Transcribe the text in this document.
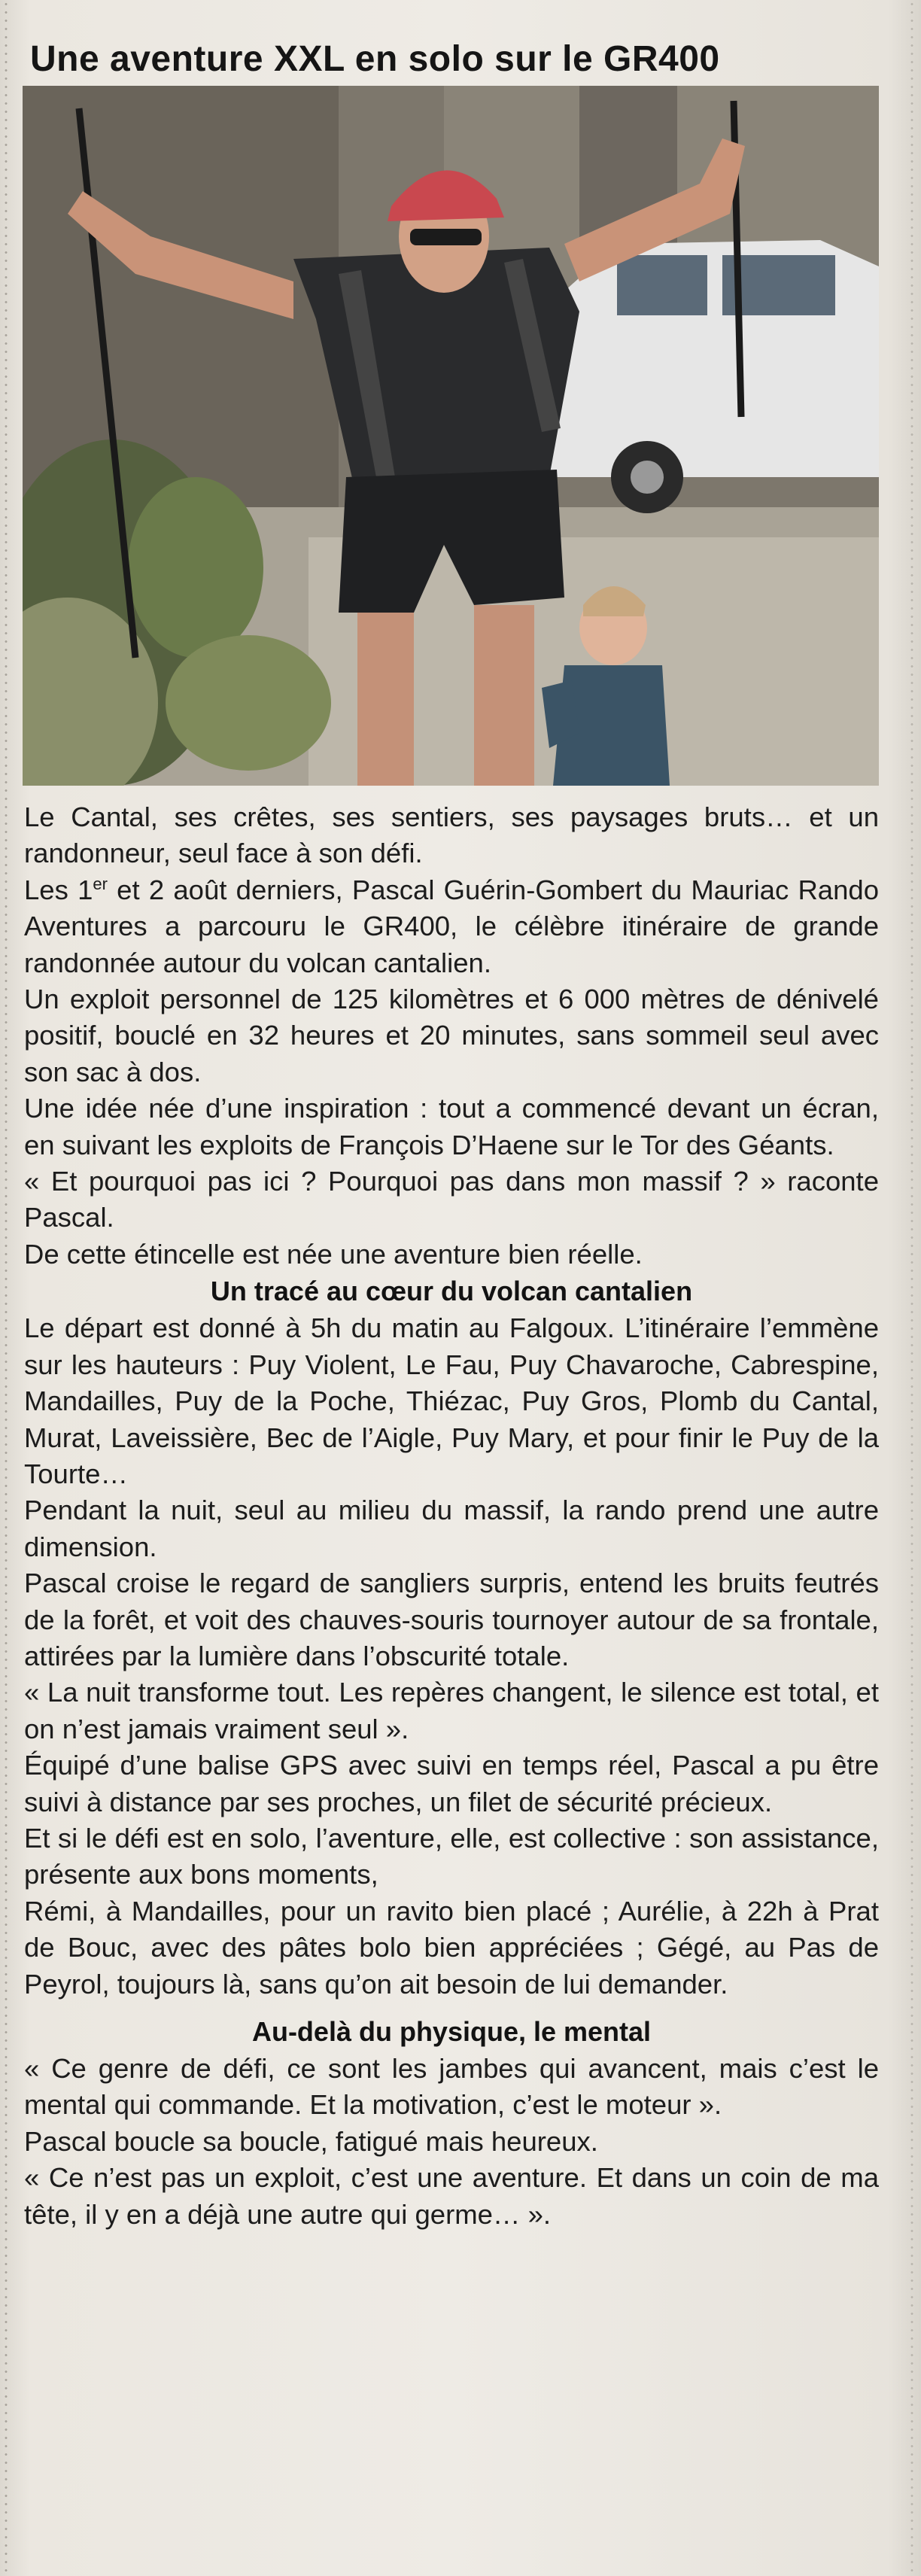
Une aventure XXL en solo sur le GR400

Le Cantal, ses crêtes, ses sentiers, ses paysages bruts… et un randonneur, seul face à son défi.

Les 1er et 2 août derniers, Pascal Guérin-Gombert du Mauriac Rando Aventures a parcouru le GR400, le célèbre itinéraire de grande randonnée autour du volcan cantalien.

Un exploit personnel de 125 kilomètres et 6 000 mètres de dénivelé positif, bouclé en 32 heures et 20 minutes, sans sommeil seul avec son sac à dos.

Une idée née d’une inspiration : tout a commencé devant un écran, en suivant les exploits de François D’Haene sur le Tor des Géants.

« Et pourquoi pas ici ? Pourquoi pas dans mon massif ? » raconte Pascal.

De cette étincelle est née une aventure bien réelle.

Un tracé au cœur du volcan cantalien

Le départ est donné à 5h du matin au Falgoux. L’itinéraire l’emmène sur les hauteurs : Puy Violent, Le Fau, Puy Chavaroche, Cabrespine, Mandailles, Puy de la Poche, Thiézac, Puy Gros, Plomb du Cantal, Murat, Laveissière, Bec de l’Aigle, Puy Mary, et pour finir le Puy de la Tourte…

Pendant la nuit, seul au milieu du massif, la rando prend une autre dimension.

Pascal croise le regard de sangliers surpris, entend les bruits feutrés de la forêt, et voit des chauves-souris tournoyer autour de sa frontale, attirées par la lumière dans l’obscurité totale.

« La nuit transforme tout. Les repères changent, le silence est total, et on n’est jamais vraiment seul ».

Équipé d’une balise GPS avec suivi en temps réel, Pascal a pu être suivi à distance par ses proches, un filet de sécurité précieux.

Et si le défi est en solo, l’aventure, elle, est collective : son assistance, présente aux bons moments,

Rémi, à Mandailles, pour un ravito bien placé ; Aurélie, à 22h à Prat de Bouc, avec des pâtes bolo bien appréciées ; Gégé, au Pas de Peyrol, toujours là, sans qu’on ait besoin de lui demander.

Au-delà du physique, le mental

« Ce genre de défi, ce sont les jambes qui avancent, mais c’est le mental qui commande. Et la motivation, c’est le moteur ».

Pascal boucle sa boucle, fatigué mais heureux.

« Ce n’est pas un exploit, c’est une aventure. Et dans un coin de ma tête, il y en a déjà une autre qui germe… ».
